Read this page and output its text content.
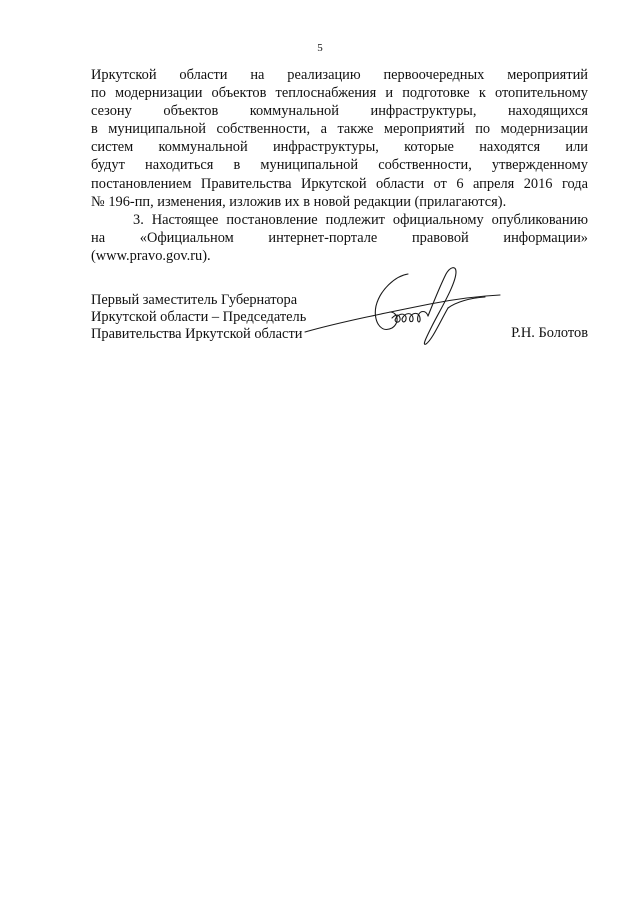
5
Иркутской области на реализацию первоочередных мероприятий
по модернизации объектов теплоснабжения и подготовке к отопительному
сезону объектов коммунальной инфраструктуры, находящихся
в муниципальной собственности, а также мероприятий по модернизации
систем коммунальной инфраструктуры, которые находятся или
будут находиться в муниципальной собственности, утвержденному
постановлением Правительства Иркутской области от 6 апреля 2016 года
№ 196-пп, изменения, изложив их в новой редакции (прилагаются).
3. Настоящее постановление подлежит официальному опубликованию
на «Официальном интернет-портале правовой информации»
(www.pravo.gov.ru).
Первый заместитель Губернатора
Иркутской области – Председатель
Правительства Иркутской области	Р.Н. Болотов
